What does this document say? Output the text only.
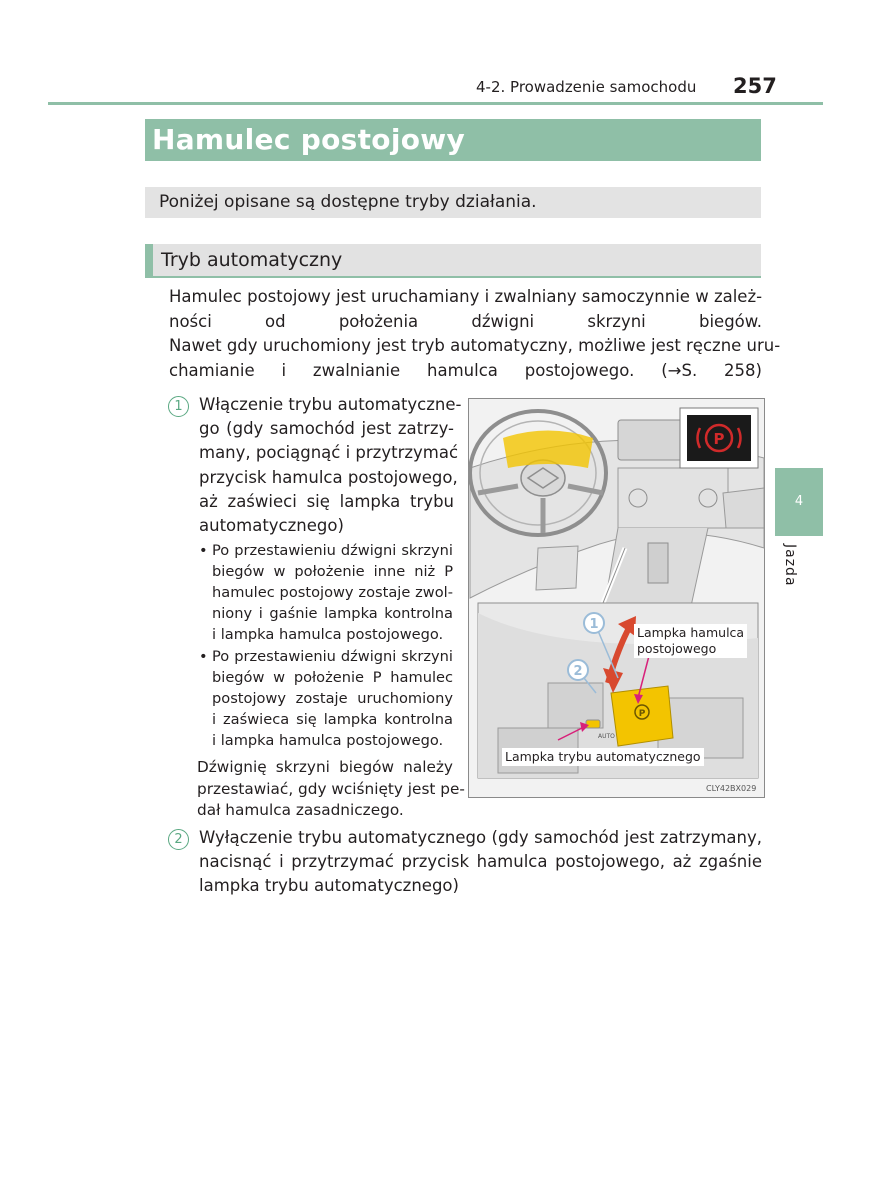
4-2. Prowadzenie samochodu 257
Hamulec postojowy
Poniżej opisane są dostępne tryby działania.
Tryb automatyczny
Hamulec postojowy jest uruchamiany i zwalniany samoczynnie w zależ-
ności od położenia dźwigni skrzyni biegów.
Nawet gdy uruchomiony jest tryb automatyczny, możliwe jest ręczne uru-
chamianie i zwalnianie hamulca postojowego. (→S. 258)
1 Włączenie trybu automatyczne-
go (gdy samochód jest zatrzy-
many, pociągnąć i przytrzymać
przycisk hamulca postojowego,
aż zaświeci się lampka trybu
automatycznego)
• Po przestawieniu dźwigni skrzyni
biegów w położenie inne niż P
hamulec postojowy zostaje zwol-
niony i gaśnie lampka kontrolna
i lampka hamulca postojowego.
• Po przestawieniu dźwigni skrzyni
biegów w położenie P hamulec
postojowy zostaje uruchomiony
i zaświeca się lampka kontrolna
i lampka hamulca postojowego.
Dźwignię skrzyni biegów należy
przestawiać, gdy wciśnięty jest pe-
dał hamulca zasadniczego.
2 Wyłączenie trybu automatycznego (gdy samochód jest zatrzymany,
nacisnąć i przytrzymać przycisk hamulca postojowego, aż zgaśnie
lampka trybu automatycznego)
P
P
AUTO
1
2
Lampka hamulca
postojowego
Lampka trybu automatycznego
CLY42BX029
4
Jazda
